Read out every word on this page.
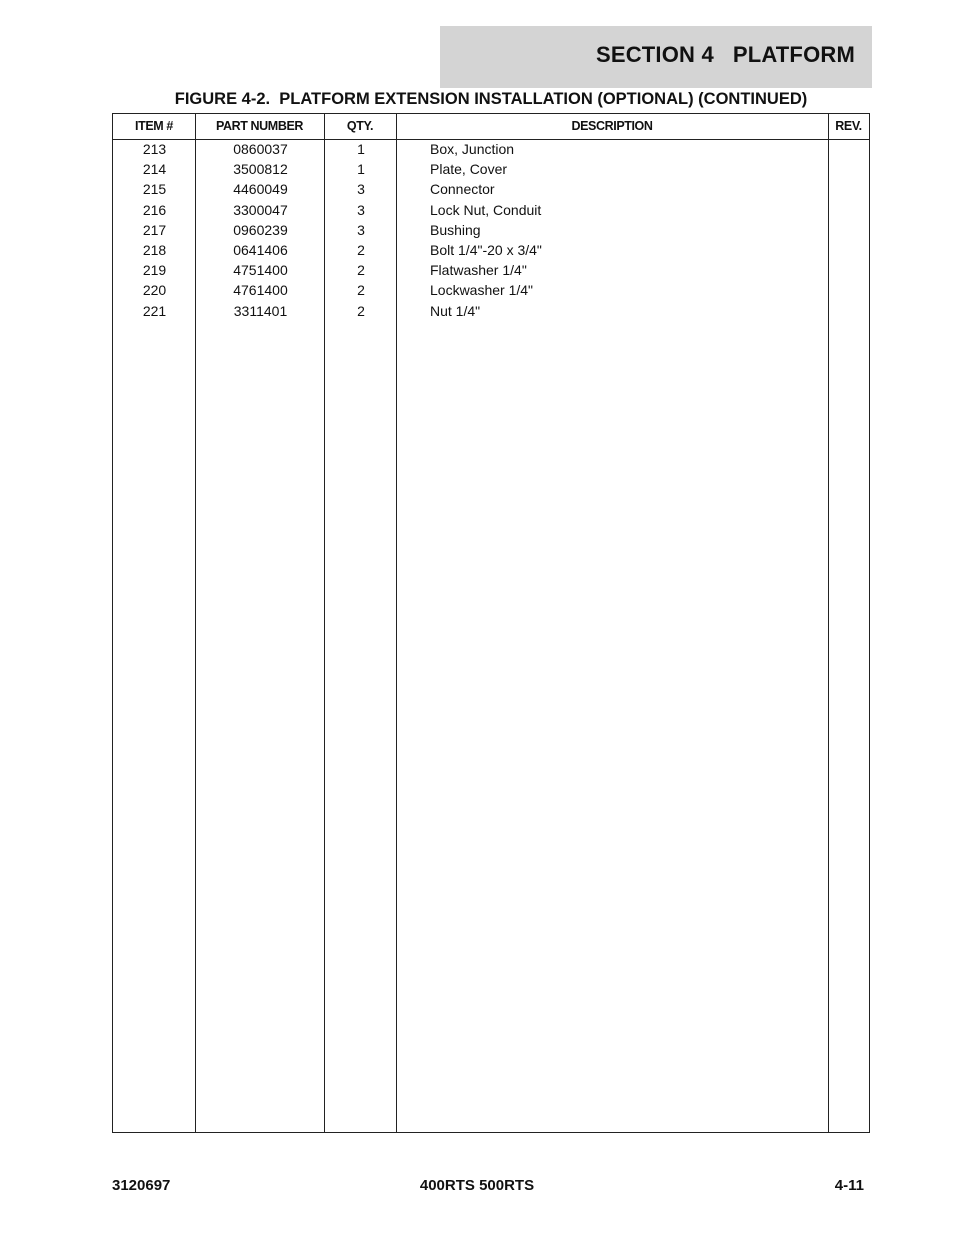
SECTION 4   PLATFORM
FIGURE 4-2.  PLATFORM EXTENSION INSTALLATION (OPTIONAL) (CONTINUED)
ITEM #	PART NUMBER	QTY.	DESCRIPTION	REV.
213	0860037	1	Box, Junction
214	3500812	1	Plate, Cover
215	4460049	3	Connector
216	3300047	3	Lock Nut, Conduit
217	0960239	3	Bushing
218	0641406	2	Bolt 1/4"-20 x 3/4"
219	4751400	2	Flatwasher 1/4"
220	4761400	2	Lockwasher 1/4"
221	3311401	2	Nut 1/4"
3120697	400RTS 500RTS	4-11
